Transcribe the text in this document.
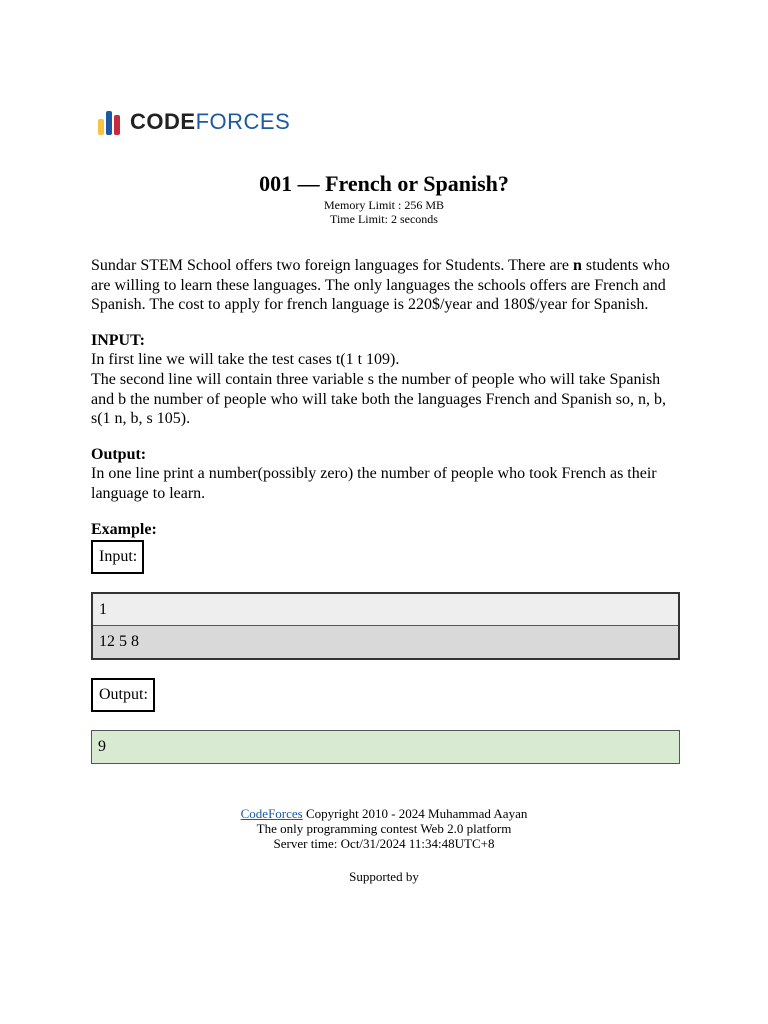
CODEFORCES
001 — French or Spanish?
Memory Limit : 256 MB
Time Limit: 2 seconds

Sundar STEM School offers two foreign languages for Students. There are n students who are willing to learn these languages. The only languages the schools offers are French and Spanish. The cost to apply for french language is 220$/year and 180$/year for Spanish.

INPUT:

In first line we will take the test cases t(1 t 109).

The second line will contain three variable s the number of people who will take Spanish and b the number of people who will take both the languages French and Spanish so, n, b, s(1 n, b, s 105).

Output:

In one line print a number(possibly zero) the number of people who took French as their language to learn.

Example:

Input:
1
12 5 8
Output:
9
CodeForces Copyright 2010 - 2024 Muhammad Aayan
The only programming contest Web 2.0 platform
Server time: Oct/31/2024 11:34:48UTC+8
Supported by
